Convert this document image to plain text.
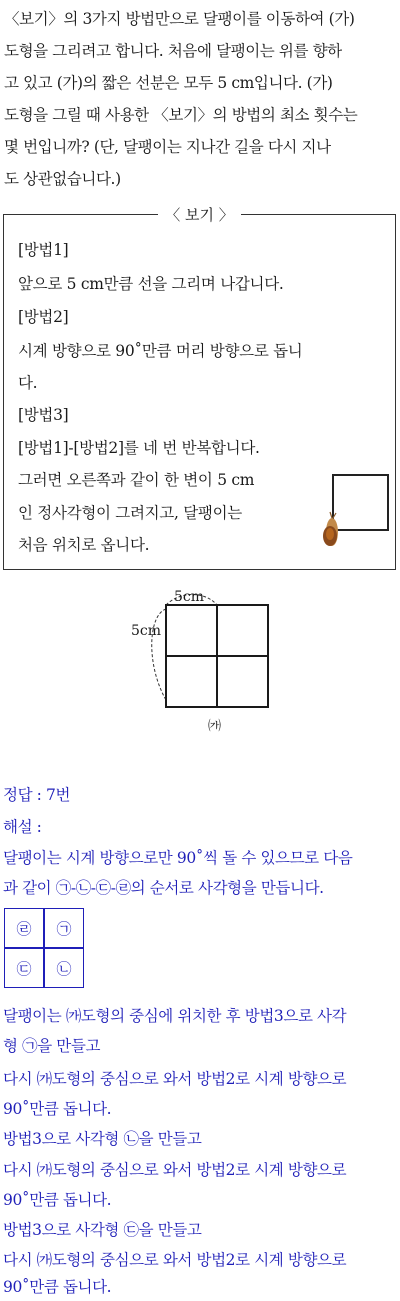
〈보기〉의 3가지 방법만으로 달팽이를 이동하여 (가)
도형을 그리려고 합니다. 처음에 달팽이는 위를 향하
고 있고 (가)의 짧은 선분은 모두 5 cm입니다. (가)
도형을 그릴 때 사용한 〈보기〉의 방법의 최소 횟수는
몇 번입니까? (단, 달팽이는 지나간 길을 다시 지나
도 상관없습니다.)
〈 보기 〉
[방법1]
앞으로 5 cm만큼 선을 그리며 나갑니다.
[방법2]
시계 방향으로 90˚만큼 머리 방향으로 돕니
다.
[방법3]
[방법1]-[방법2]를 네 번 반복합니다.
그러면 오른쪽과 같이 한 변이 5 cm
인 정사각형이 그려지고, 달팽이는
처음 위치로 옵니다.
5cm
5cm
㈎
정답 : 7번
해설 :
달팽이는 시계 방향으로만 90˚씩 돌 수 있으므로 다음
과 같이 ㉠-㉡-㉢-㉣의 순서로 사각형을 만듭니다.
㉣	㉠
㉢	㉡
달팽이는 ㈎도형의 중심에 위치한 후 방법3으로 사각
형 ㉠을 만들고
다시 ㈎도형의 중심으로 와서 방법2로 시계 방향으로
90˚만큼 돕니다.
방법3으로 사각형 ㉡을 만들고
다시 ㈎도형의 중심으로 와서 방법2로 시계 방향으로
90˚만큼 돕니다.
방법3으로 사각형 ㉢을 만들고
다시 ㈎도형의 중심으로 와서 방법2로 시계 방향으로
90˚만큼 돕니다.
